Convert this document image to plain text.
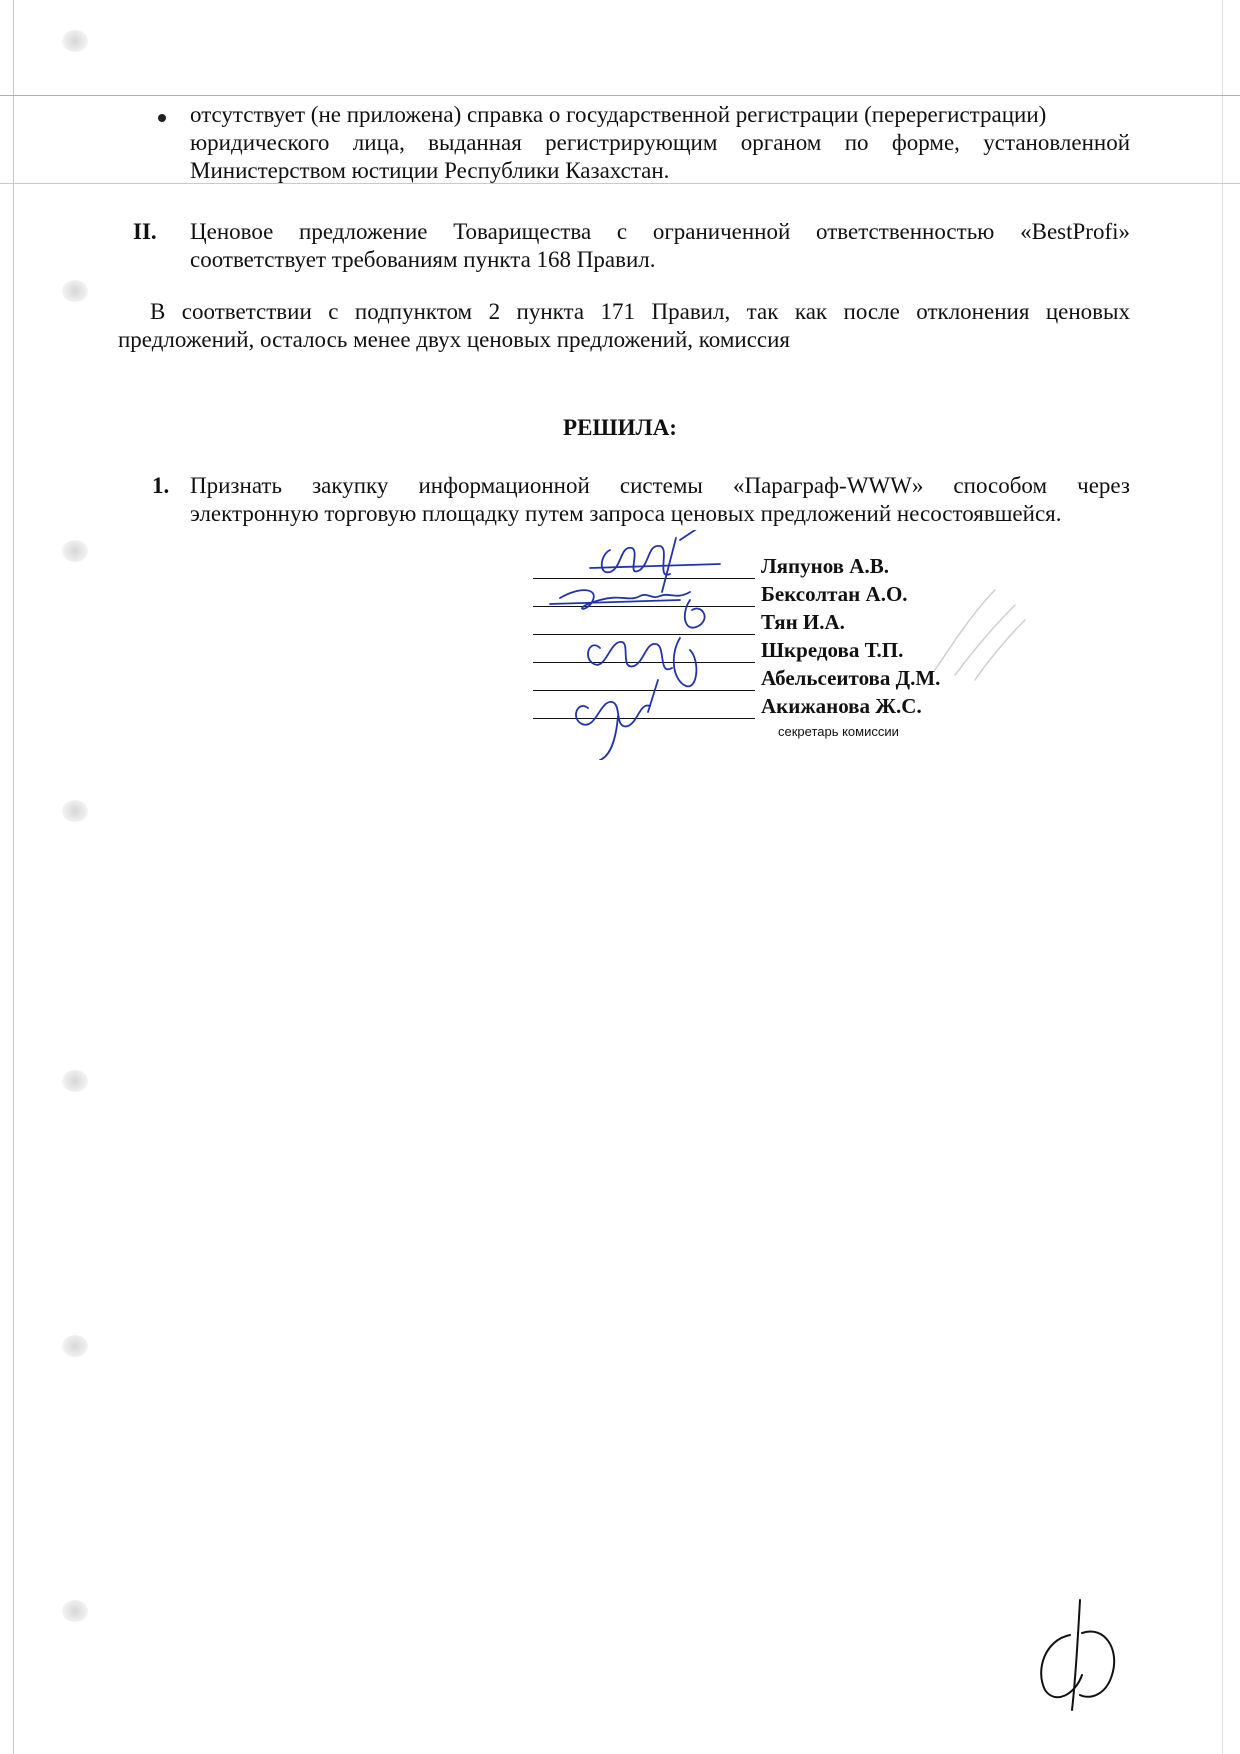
отсутствует (не приложена) справка о государственной регистрации (перерегистрации)
юридического лица, выданная регистрирующим органом по форме, установленной
Министерством юстиции Республики Казахстан.
II. Ценовое предложение Товарищества с ограниченной ответственностью «BestProfi»
соответствует требованиям пункта 168 Правил.
В соответствии с подпунктом 2 пункта 171 Правил, так как после отклонения ценовых
предложений, осталось менее двух ценовых предложений, комиссия
РЕШИЛА:
1. Признать закупку информационной системы «Параграф-WWW» способом через
электронную торговую площадку путем запроса ценовых предложений несостоявшейся.
Ляпунов А.В.
Бексолтан А.О.
Тян И.А.
Шкредова Т.П.
Абельсеитова Д.М.
Акижанова Ж.С.
секретарь комиссии
